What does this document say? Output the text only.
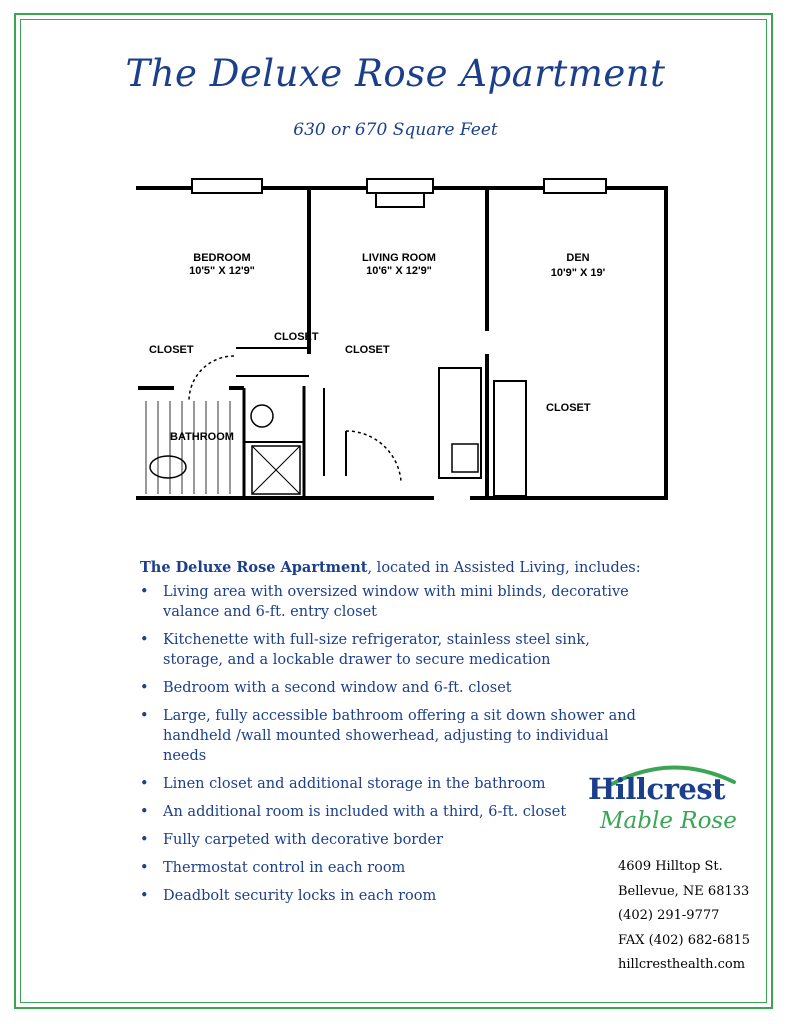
The Deluxe Rose Apartment

630 or 670 Square Feet

BEDROOM
10'5" X 12'9"
LIVING ROOM
10'6" X 12'9"
DEN
10'9" X 19'
BATHROOM
CLOSET
CLOSET
CLOSET
CLOSET

The Deluxe Rose Apartment, located in Assisted Living, includes:

• Living area with oversized window with mini blinds, decorative valance and 6-ft. entry closet
• Kitchenette with full-size refrigerator, stainless steel sink, storage, and a lockable drawer to secure medication
• Bedroom with a second window and 6-ft. closet
• Large, fully accessible bathroom offering a sit down shower and handheld /wall mounted showerhead, adjusting to individual needs
• Linen closet and additional storage in the bathroom
• An additional room is included with a third, 6-ft. closet
• Fully carpeted with decorative border
• Thermostat control in each room
• Deadbolt security locks in each room
Hillcrest
Mable Rose
4609 Hilltop St.
Bellevue, NE 68133
(402) 291-9777
FAX (402) 682-6815
hillcresthealth.com
